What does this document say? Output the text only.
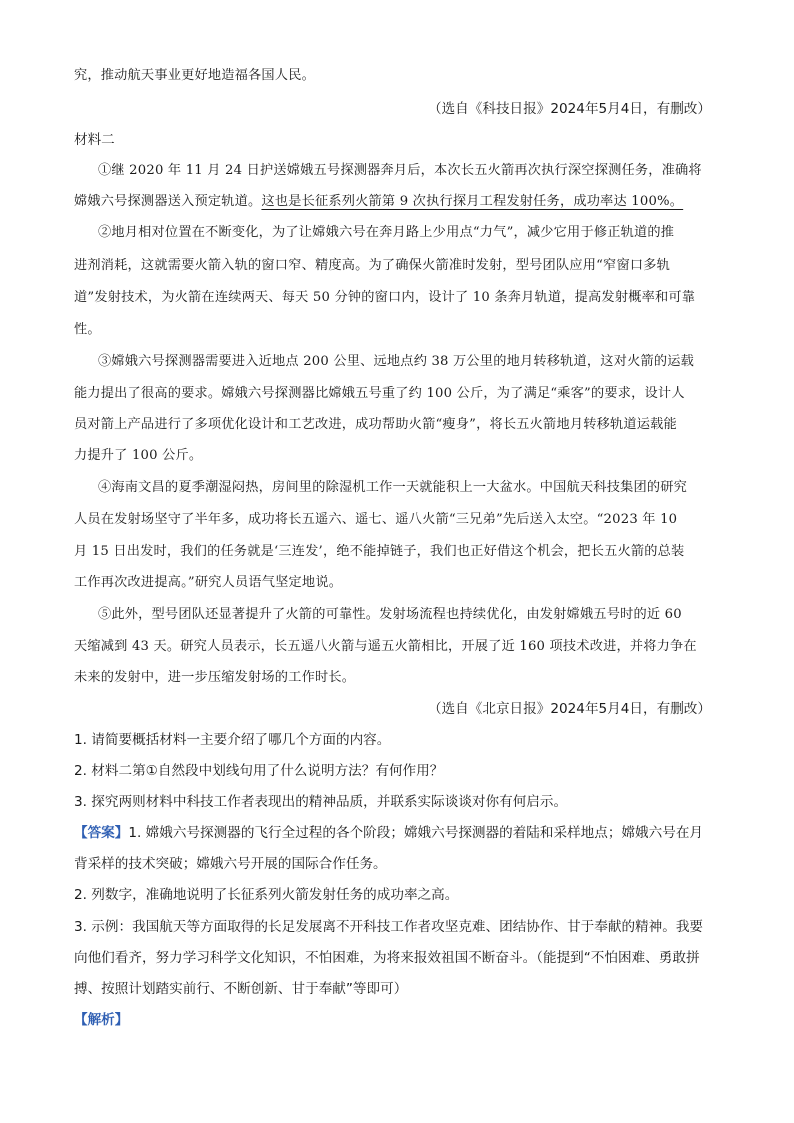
究，推动航天事业更好地造福各国人民。
（选自《科技日报》2024年5月4日，有删改）
材料二
①继 2020 年 11 月 24 日护送嫦娥五号探测器奔月后，本次长五火箭再次执行深空探测任务，准确将
嫦娥六号探测器送入预定轨道。这也是长征系列火箭第 9 次执行探月工程发射任务，成功率达 100%。
②地月相对位置在不断变化，为了让嫦娥六号在奔月路上少用点“力气”，减少它用于修正轨道的推
进剂消耗，这就需要火箭入轨的窗口窄、精度高。为了确保火箭准时发射，型号团队应用“窄窗口多轨
道”发射技术，为火箭在连续两天、每天 50 分钟的窗口内，设计了 10 条奔月轨道，提高发射概率和可靠
性。
③嫦娥六号探测器需要进入近地点 200 公里、远地点约 38 万公里的地月转移轨道，这对火箭的运载
能力提出了很高的要求。嫦娥六号探测器比嫦娥五号重了约 100 公斤，为了满足“乘客”的要求，设计人
员对箭上产品进行了多项优化设计和工艺改进，成功帮助火箭“瘦身”，将长五火箭地月转移轨道运载能
力提升了 100 公斤。
④海南文昌的夏季潮湿闷热，房间里的除湿机工作一天就能积上一大盆水。中国航天科技集团的研究
人员在发射场坚守了半年多，成功将长五遥六、遥七、遥八火箭“三兄弟”先后送入太空。“2023 年 10
月 15 日出发时，我们的任务就是‘三连发’，绝不能掉链子，我们也正好借这个机会，把长五火箭的总装
工作再次改进提高。”研究人员语气坚定地说。
⑤此外，型号团队还显著提升了火箭的可靠性。发射场流程也持续优化，由发射嫦娥五号时的近 60
天缩减到 43 天。研究人员表示，长五遥八火箭与遥五火箭相比，开展了近 160 项技术改进，并将力争在
未来的发射中，进一步压缩发射场的工作时长。
（选自《北京日报》2024年5月4日，有删改）
1. 请简要概括材料一主要介绍了哪几个方面的内容。
2. 材料二第①自然段中划线句用了什么说明方法？有何作用？
3. 探究两则材料中科技工作者表现出的精神品质，并联系实际谈谈对你有何启示。
【答案】1. 嫦娥六号探测器的飞行全过程的各个阶段；嫦娥六号探测器的着陆和采样地点；嫦娥六号在月
背采样的技术突破；嫦娥六号开展的国际合作任务。
2. 列数字，准确地说明了长征系列火箭发射任务的成功率之高。
3. 示例：我国航天等方面取得的长足发展离不开科技工作者攻坚克难、团结协作、甘于奉献的精神。我要
向他们看齐，努力学习科学文化知识，不怕困难，为将来报效祖国不断奋斗。（能提到“不怕困难、勇敢拼
搏、按照计划踏实前行、不断创新、甘于奉献”等即可）
【解析】
